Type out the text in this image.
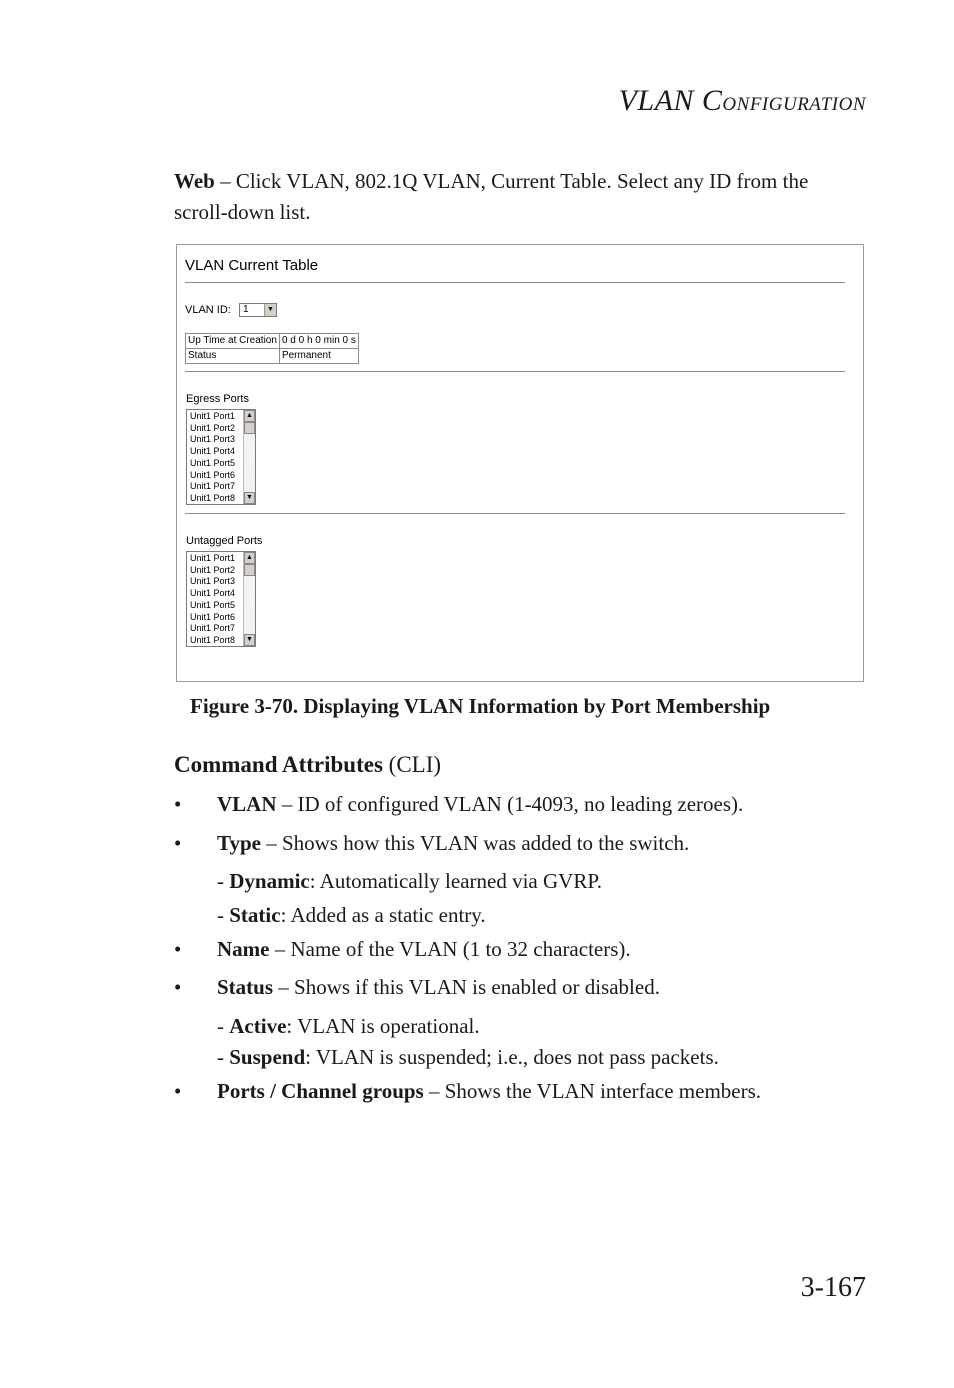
VLAN CONFIGURATION
Web – Click VLAN, 802.1Q VLAN, Current Table. Select any ID from the scroll-down list.
VLAN Current Table
VLAN ID: 1	▼
Up Time at Creation	0 d 0 h 0 min 0 s
Status	Permanent
Egress Ports
Unit1 Port1
Unit1 Port2
Unit1 Port3
Unit1 Port4
Unit1 Port5
Unit1 Port6
Unit1 Port7
Unit1 Port8
▲
▼
Untagged Ports
Unit1 Port1
Unit1 Port2
Unit1 Port3
Unit1 Port4
Unit1 Port5
Unit1 Port6
Unit1 Port7
Unit1 Port8
▲
▼
Figure 3-70. Displaying VLAN Information by Port Membership
Command Attributes (CLI)
• VLAN – ID of configured VLAN (1-4093, no leading zeroes).
• Type – Shows how this VLAN was added to the switch.
- Dynamic: Automatically learned via GVRP.
- Static: Added as a static entry.
• Name – Name of the VLAN (1 to 32 characters).
• Status – Shows if this VLAN is enabled or disabled.
- Active: VLAN is operational.
- Suspend: VLAN is suspended; i.e., does not pass packets.
• Ports / Channel groups – Shows the VLAN interface members.
3-167
